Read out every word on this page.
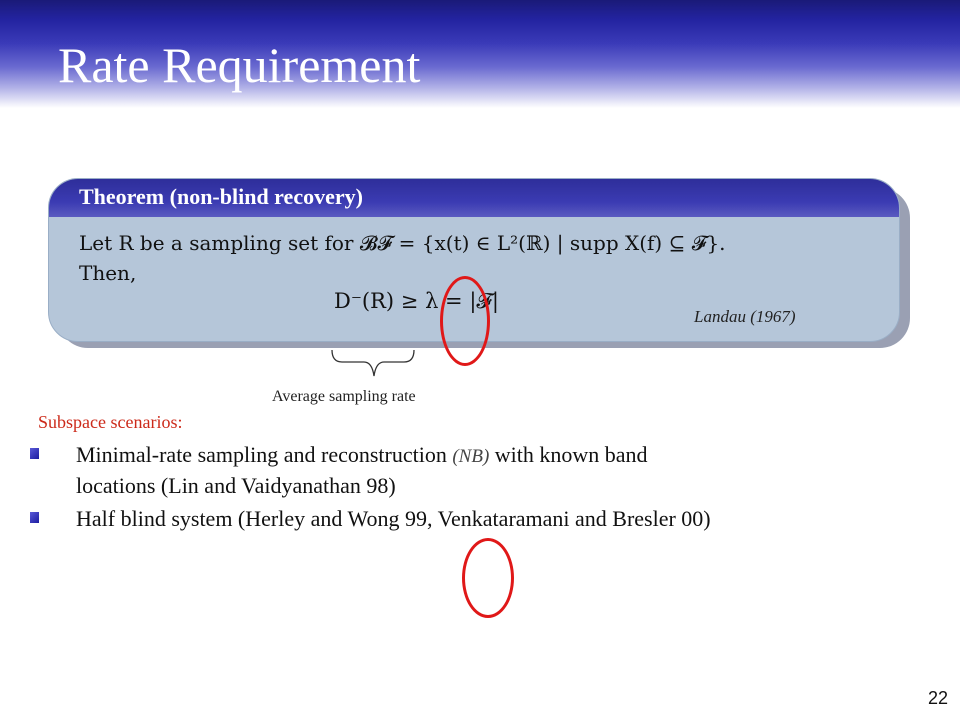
Rate Requirement
Theorem (non-blind recovery)
Let R be a sampling set for 𝓑𝓕 = {x(t) ∈ L²(ℝ) | supp X(f) ⊆ 𝓕}.
Then,
D⁻(R) ≥ λ = |𝓕|
Landau (1967)
Average sampling rate
Subspace scenarios:
Minimal-rate sampling and reconstruction (NB) with known band
locations (Lin and Vaidyanathan 98)
Half blind system (Herley and Wong 99, Venkataramani and Bresler 00)
22
